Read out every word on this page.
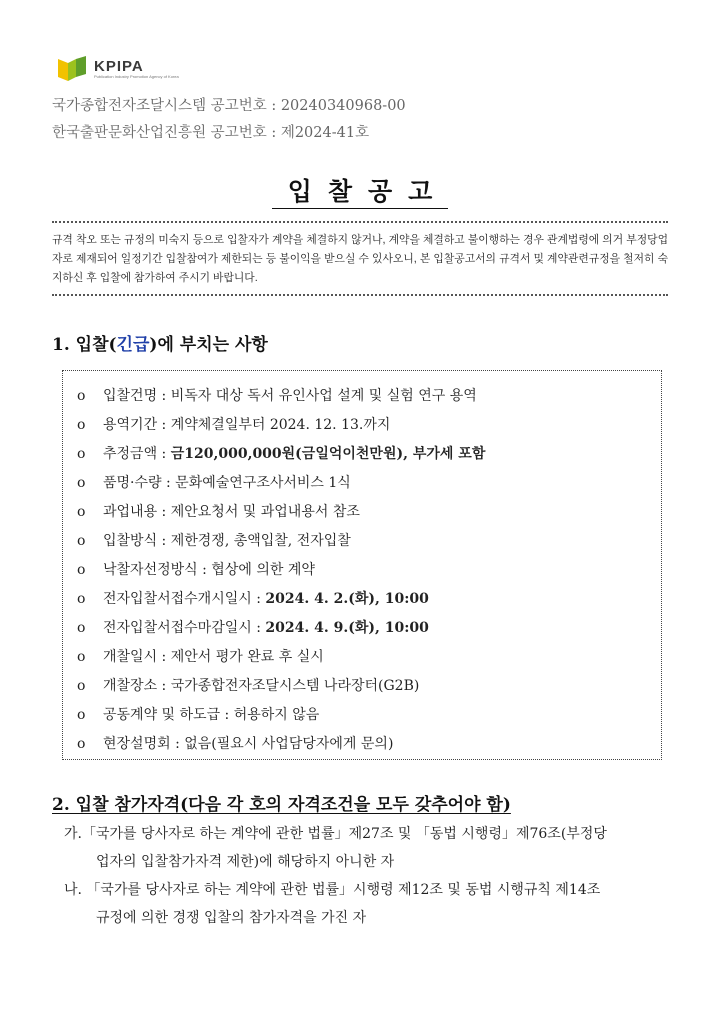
KPIPA
Publication Industry Promotion Agency of Korea
국가종합전자조달시스템 공고번호 : 20240340968-00
한국출판문화산업진흥원 공고번호 : 제2024-41호
입찰공고
규격 착오 또는 규정의 미숙지 등으로 입찰자가 계약을 체결하지 않거나, 계약을 체결하고 불이행하는 경우 관계법령에 의거 부정당업자로 제재되어 일정기간 입찰참여가 제한되는 등 불이익을 받으실 수 있사오니, 본 입찰공고서의 규격서 및 계약관련규정을 철저히 숙지하신 후 입찰에 참가하여 주시기 바랍니다.
1. 입찰(긴급)에 부치는 사항
ο 입찰건명 : 비독자 대상 독서 유인사업 설계 및 실험 연구 용역
ο 용역기간 : 계약체결일부터 2024. 12. 13.까지
ο 추정금액 : 금120,000,000원(금일억이천만원), 부가세 포함
ο 품명·수량 : 문화예술연구조사서비스 1식
ο 과업내용 : 제안요청서 및 과업내용서 참조
ο 입찰방식 : 제한경쟁, 총액입찰, 전자입찰
ο 낙찰자선정방식 : 협상에 의한 계약
ο 전자입찰서접수개시일시 : 2024. 4. 2.(화), 10:00
ο 전자입찰서접수마감일시 : 2024. 4. 9.(화), 10:00
ο 개찰일시 : 제안서 평가 완료 후 실시
ο 개찰장소 : 국가종합전자조달시스템 나라장터(G2B)
ο 공동계약 및 하도급 : 허용하지 않음
ο 현장설명회 : 없음(필요시 사업담당자에게 문의)
2. 입찰 참가자격(다음 각 호의 자격조건을 모두 갖추어야 함)
가.「국가를 당사자로 하는 계약에 관한 법률」제27조 및 「동법 시행령」제76조(부정당
업자의 입찰참가자격 제한)에 해당하지 아니한 자
나. 「국가를 당사자로 하는 계약에 관한 법률」시행령 제12조 및 동법 시행규칙 제14조
규정에 의한 경쟁 입찰의 참가자격을 가진 자
